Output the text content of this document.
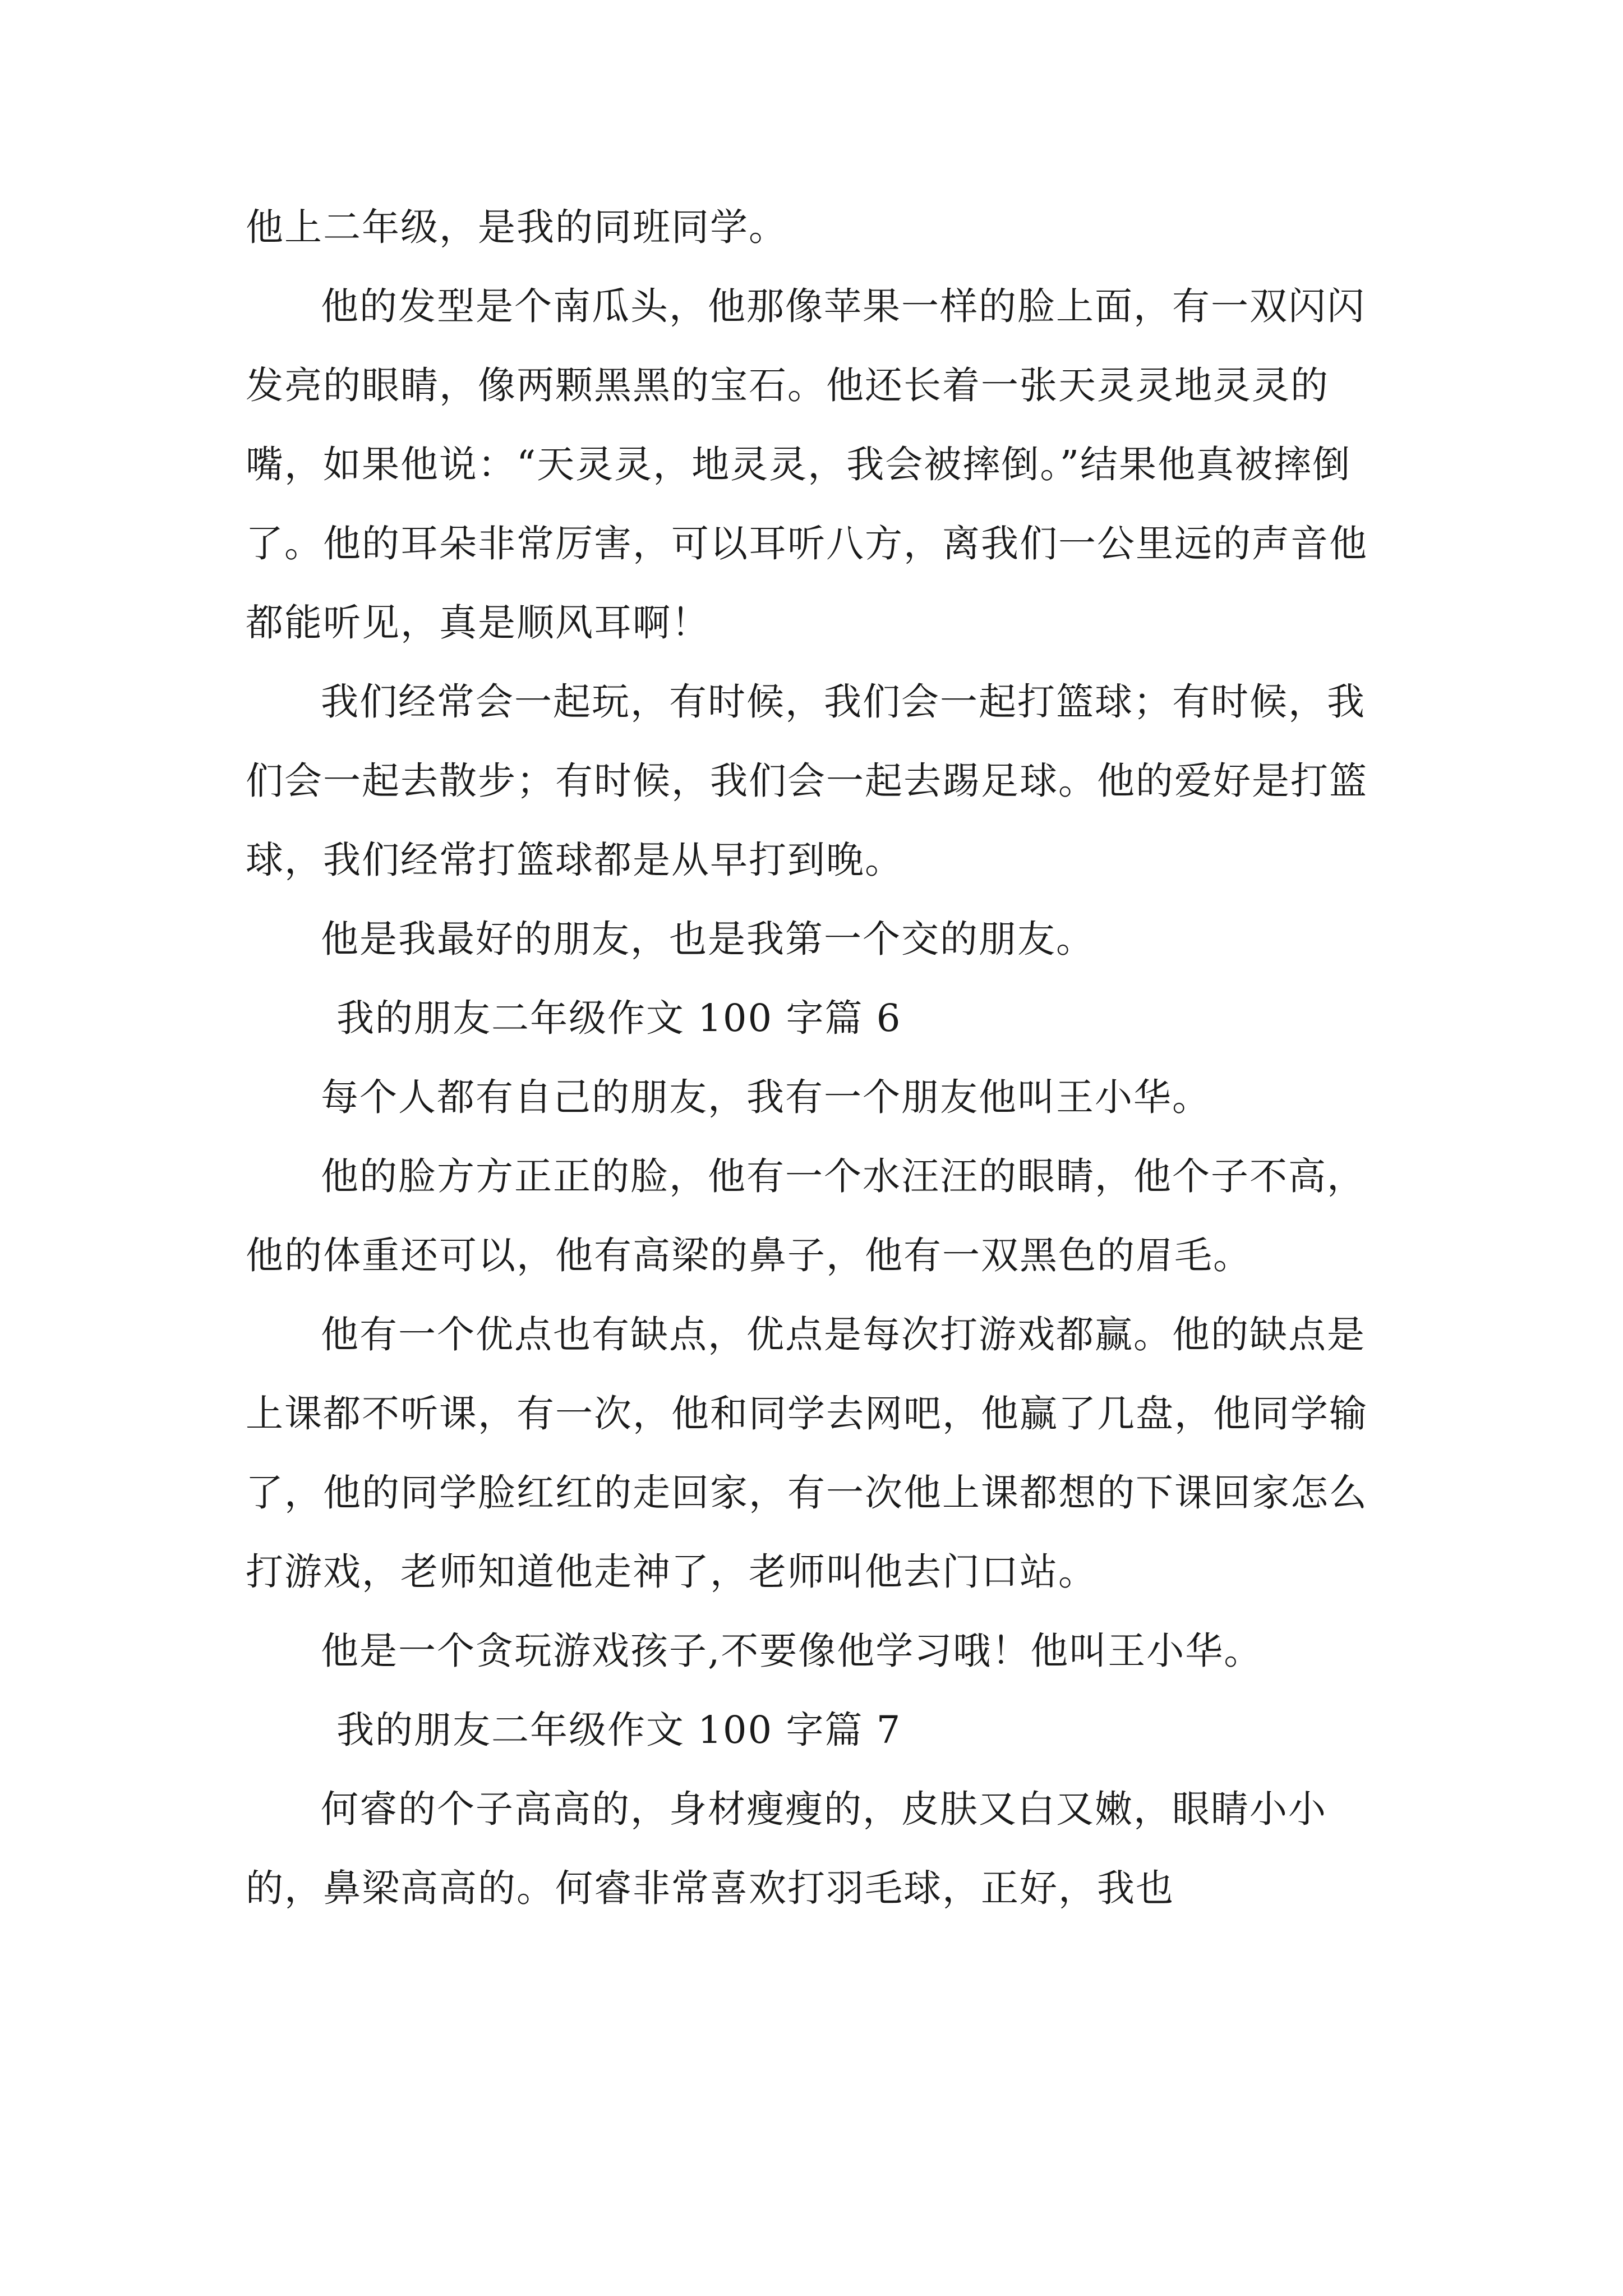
他上二年级，是我的同班同学。

他的发型是个南瓜头，他那像苹果一样的脸上面，有一双闪闪发亮的眼睛，像两颗黑黑的宝石。他还长着一张天灵灵地灵灵的嘴，如果他说：“天灵灵，地灵灵，我会被摔倒。”结果他真被摔倒了。他的耳朵非常厉害，可以耳听八方，离我们一公里远的声音他都能听见，真是顺风耳啊！

我们经常会一起玩，有时候，我们会一起打篮球；有时候，我们会一起去散步；有时候，我们会一起去踢足球。他的爱好是打篮球，我们经常打篮球都是从早打到晚。

他是我最好的朋友，也是我第一个交的朋友。

我的朋友二年级作文 100 字篇 6

每个人都有自己的朋友，我有一个朋友他叫王小华。

他的脸方方正正的脸，他有一个水汪汪的眼睛，他个子不高，他的体重还可以，他有高梁的鼻子，他有一双黑色的眉毛。

他有一个优点也有缺点，优点是每次打游戏都赢。他的缺点是上课都不听课，有一次，他和同学去网吧，他赢了几盘，他同学输了，他的同学脸红红的走回家，有一次他上课都想的下课回家怎么打游戏，老师知道他走神了，老师叫他去门口站。

他是一个贪玩游戏孩子,不要像他学习哦！他叫王小华。

我的朋友二年级作文 100 字篇 7

何睿的个子高高的，身材瘦瘦的，皮肤又白又嫩，眼睛小小的，鼻梁高高的。何睿非常喜欢打羽毛球，正好，我也
